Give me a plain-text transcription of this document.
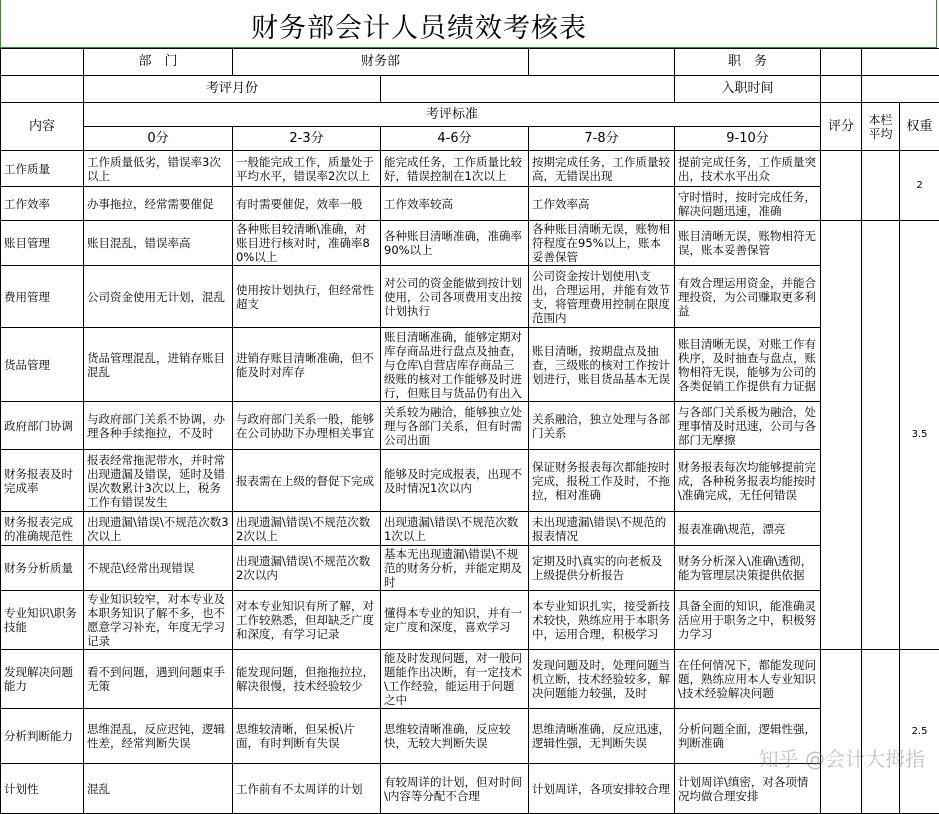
财务部会计人员绩效考核表
	部　门	财务部			职　务			
	考评月份				入职时间			
内容	考评标准					评分	本栏平均	权重
	0分	2-3分	4-6分	7-8分	9-10分			
工作质量	工作质量低劣，错误率3次以上	一般能完成工作，质量处于平均水平，错误率2次以上	能完成任务，工作质量比较好，错误控制在1次以上	按期完成任务，工作质量较高，无错误出现	提前完成任务，工作质量突出，技术水平出众			2
工作效率	办事拖拉，经常需要催促	有时需要催促，效率一般	工作效率较高	工作效率高	守时惜时，按时完成任务，解决问题迅速，准确			
账目管理	账目混乱，错误率高	各种账目较清晰\准确，对账目进行核对时，准确率80%以上	各种账目清晰准确，准确率90%以上	各种账目清晰无误，账物相符程度在95%以上，账本妥善保管	账目清晰无误，账物相符无误，账本妥善保管			3.5
费用管理	公司资金使用无计划，混乱	使用按计划执行，但经常性超支	对公司的资金能做到按计划使用，公司各项费用支出按计划执行	公司资金按计划使用\支出，合理运用，并能有效节支，将管理费用控制在限度范围内	有效合理运用资金，并能合理投资，为公司赚取更多利益			
货品管理	货品管理混乱，进销存账目混乱	进销存账目清晰准确，但不能及时对库存	账目清晰准确，能够定期对库存商品进行盘点及抽查，与仓库\自营店库存商品三级账的核对工作能够及时进行，但账目与货品仍有出入	账目清晰，按期盘点及抽查，三级账的核对工作按计划进行，账目货品基本无误	账目清晰无误，对账工作有秩序，及时抽查与盘点，账物相符无误，能够为公司的各类促销工作提供有力证据			
政府部门协调	与政府部门关系不协调，办理各种手续拖拉，不及时	与政府部门关系一般，能够在公司协助下办理相关事宜	关系较为融洽，能够独立处理与各部门关系，但有时需公司出面	关系融洽，独立处理与各部门关系	与各部门关系极为融洽，处理事情及时迅速，公司与各部门无摩擦			
财务报表及时完成率	报表经常拖泥带水，并时常出现遗漏及错误，延时及错误次数累计3次以上，税务工作有错误发生	报表需在上级的督促下完成	能够及时完成报表，出现不及时情况1次以内	保证财务报表每次都能按时完成，报税工作及时，不拖拉，相对准确	财务报表每次均能够提前完成，各种税务报表均能按时\准确完成，无任何错误			
财务报表完成的准确规范性	出现遗漏\错误\不规范次数3次以上	出现遗漏\错误\不规范次数2次以上	出现遗漏\错误\不规范次数1次以上	未出现遗漏\错误\不规范的报表情况	报表准确\规范，漂亮			
财务分析质量	不规范\经常出现错误	出现遗漏\错误\不规范次数2次以内	基本无出现遗漏\错误\不规范的财务分析，并能定期及时	定期及时\真实的向老板及上级提供分析报告	财务分析深入\准确\透彻，能为管理层决策提供依据			
专业知识\职务技能	专业知识较窄，对本专业及本职务知识了解不多，也不愿意学习补充，年度无学习记录	对本专业知识有所了解，对工作较熟悉，但却缺乏广度和深度，有学习记录	懂得本专业的知识，并有一定广度和深度，喜欢学习	本专业知识扎实，接受新技术较快，熟练应用于本职务中，运用合理，积极学习	具备全面的知识，能准确灵活应用于职务之中，积极努力学习			
发现解决问题能力	看不到问题，遇到问题束手无策	能发现问题，但拖拖拉拉，解决很慢，技术经验较少	能及时发现问题，对一般问题能作出决断，有一定技术\工作经验，能运用于问题之中	发现问题及时，处理问题当机立断，技术经验较多，解决问题能力较强，及时	在任何情况下，都能发现问题，熟练应用本人专业知识\技术经验解决问题			2.5
分析判断能力	思维混乱，反应迟钝，逻辑性差，经常判断失误	思维较清晰，但呆板\片面，有时判断有失误	思维较清晰准确，反应较快，无较大判断失误	思维清晰准确，反应迅速，逻辑性强，无判断失误	分析问题全面，逻辑性强，判断准确			
计划性	混乱	工作前有不太周详的计划	有较周详的计划，但对时间\内容等分配不合理	计划周详，各项安排较合理	计划周详\缜密，对各项情况均做合理安排			
知乎 @会计大拇指
